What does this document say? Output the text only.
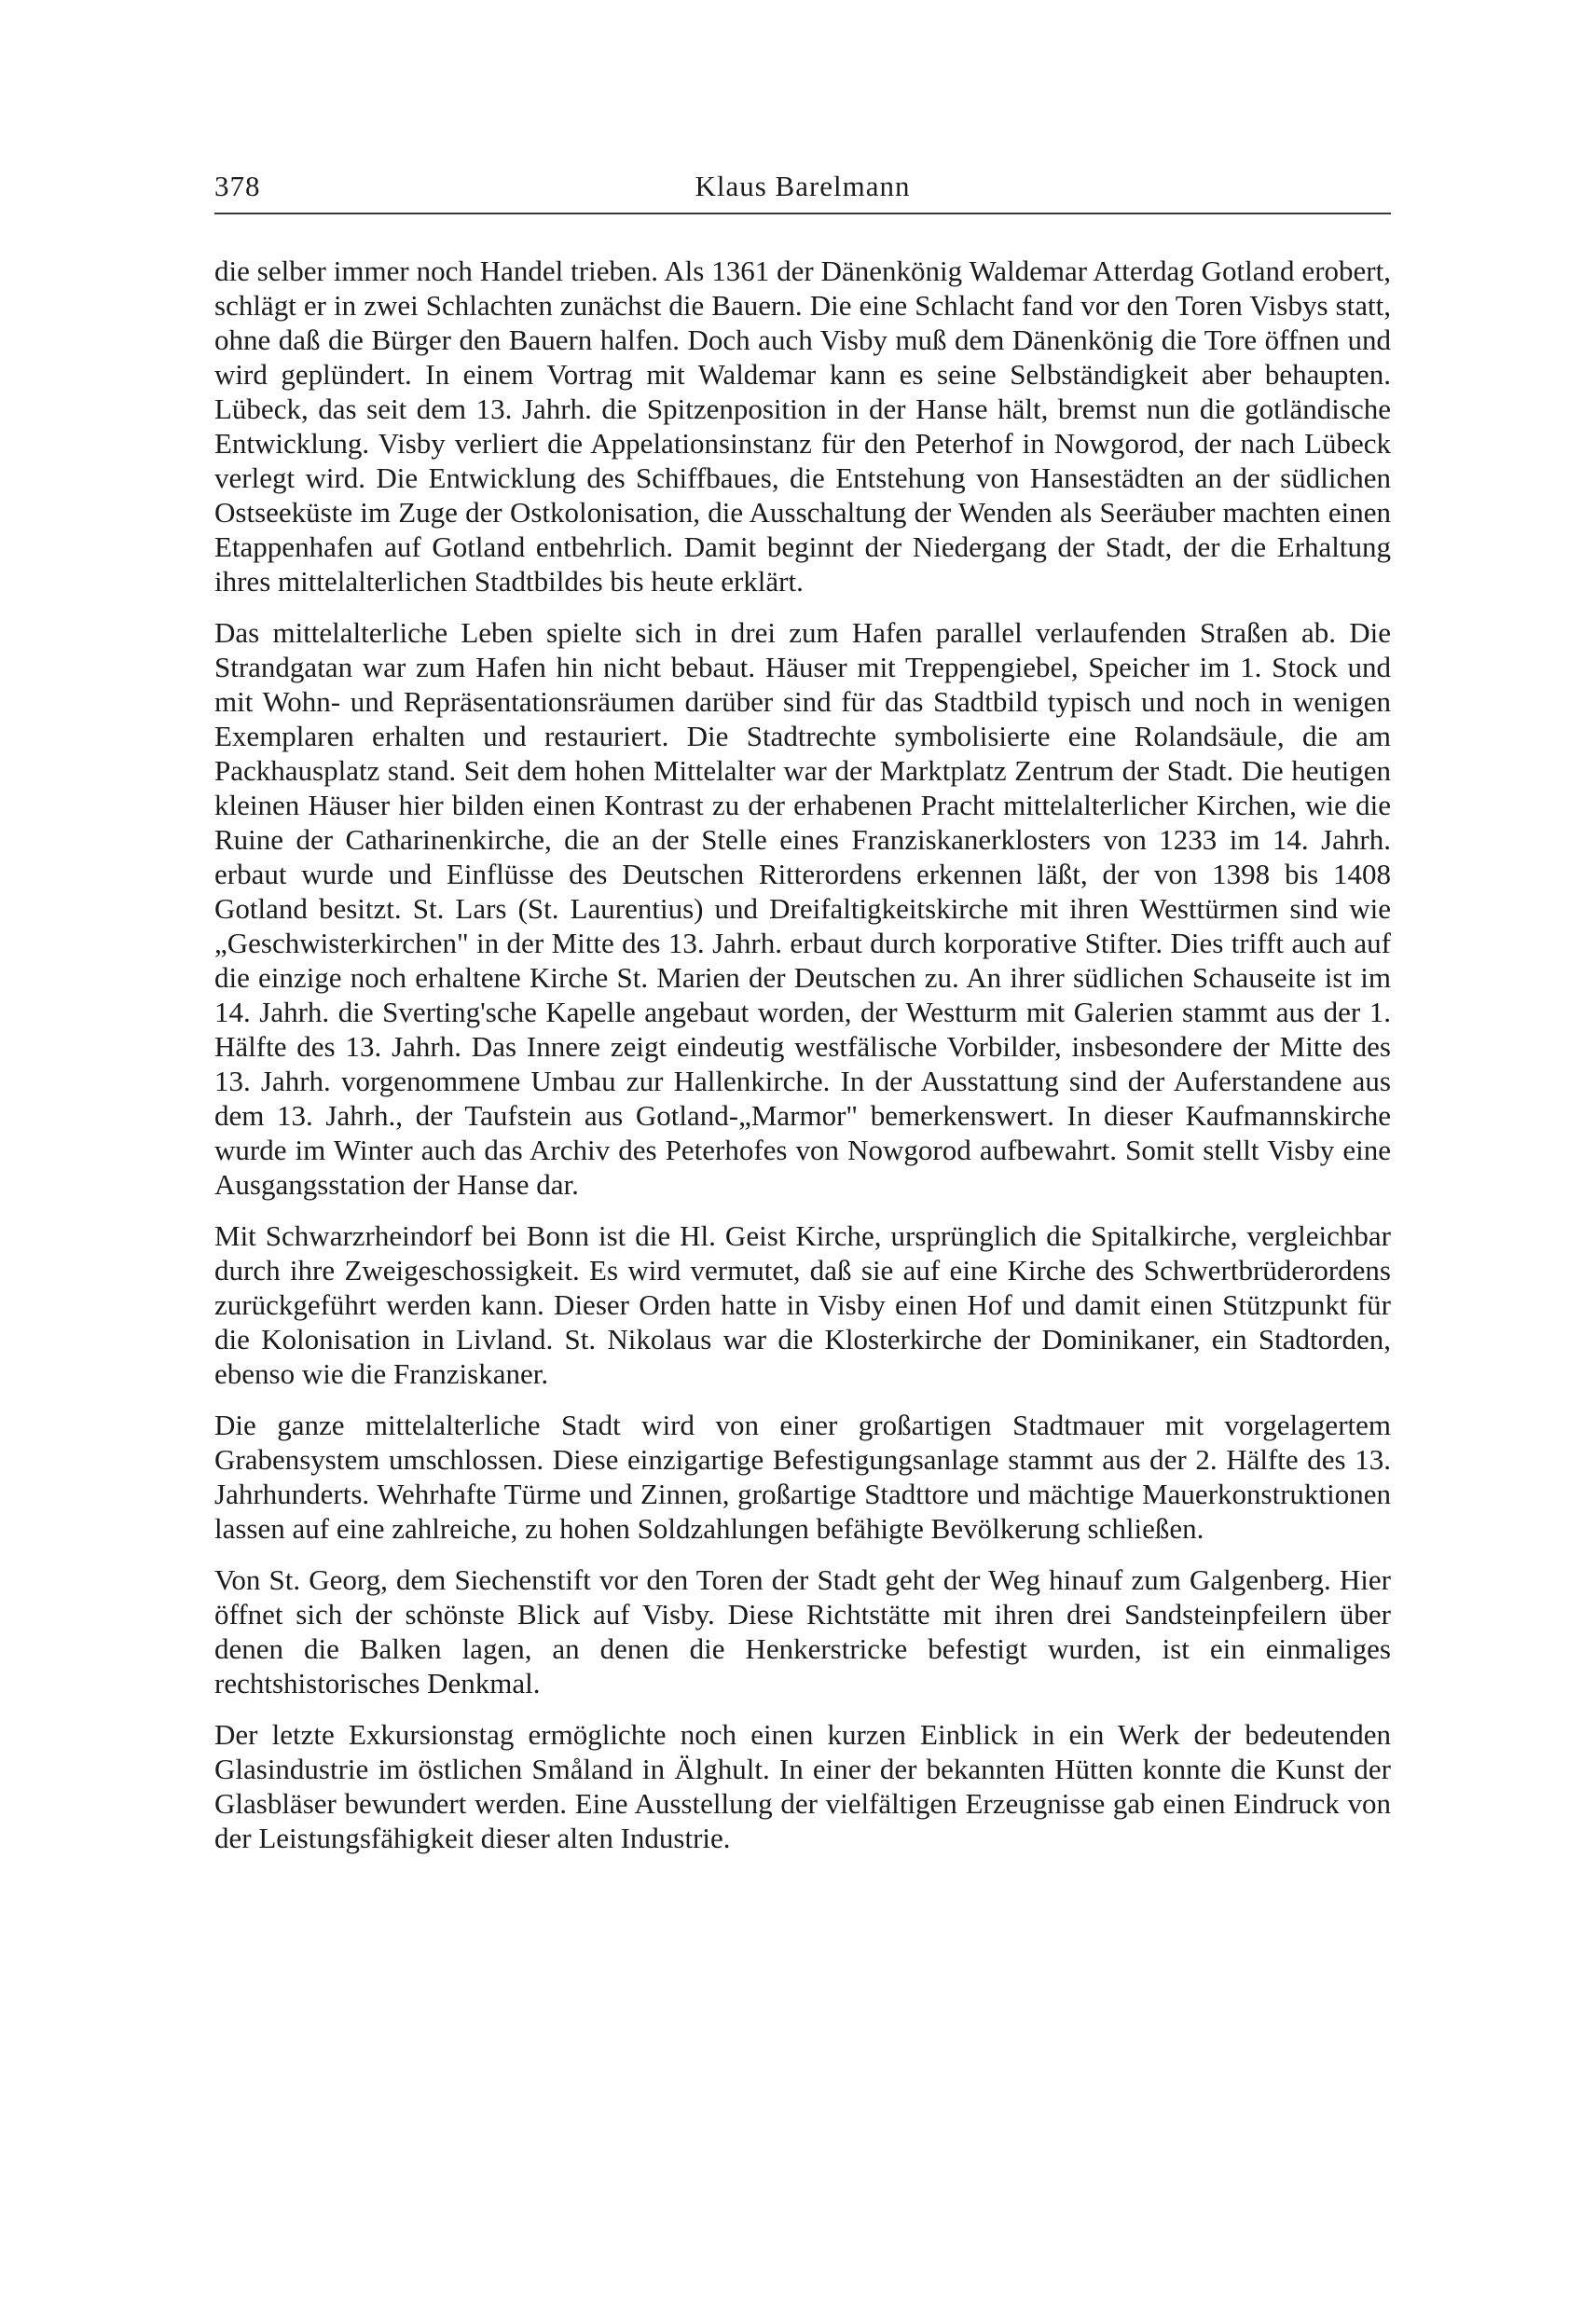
378	Klaus Barelmann

die selber immer noch Handel trieben. Als 1361 der Dänenkönig Waldemar Atterdag Gotland erobert, schlägt er in zwei Schlachten zunächst die Bauern. Die eine Schlacht fand vor den Toren Visbys statt, ohne daß die Bürger den Bauern halfen. Doch auch Visby muß dem Dänenkönig die Tore öffnen und wird geplündert. In einem Vortrag mit Waldemar kann es seine Selbständigkeit aber behaupten. Lübeck, das seit dem 13. Jahrh. die Spitzenposition in der Hanse hält, bremst nun die gotländische Entwicklung. Visby verliert die Appelationsinstanz für den Peterhof in Nowgorod, der nach Lübeck verlegt wird. Die Entwicklung des Schiffbaues, die Entstehung von Hansestädten an der südlichen Ostseeküste im Zuge der Ostkolonisation, die Ausschaltung der Wenden als Seeräuber machten einen Etappenhafen auf Gotland entbehrlich. Damit beginnt der Niedergang der Stadt, der die Erhaltung ihres mittelalterlichen Stadtbildes bis heute erklärt.

Das mittelalterliche Leben spielte sich in drei zum Hafen parallel verlaufenden Straßen ab. Die Strandgatan war zum Hafen hin nicht bebaut. Häuser mit Treppengiebel, Speicher im 1. Stock und mit Wohn- und Repräsentationsräumen darüber sind für das Stadtbild typisch und noch in wenigen Exemplaren erhalten und restauriert. Die Stadtrechte symbolisierte eine Rolandsäule, die am Packhausplatz stand. Seit dem hohen Mittelalter war der Marktplatz Zentrum der Stadt. Die heutigen kleinen Häuser hier bilden einen Kontrast zu der erhabenen Pracht mittelalterlicher Kirchen, wie die Ruine der Catharinenkirche, die an der Stelle eines Franziskanerklosters von 1233 im 14. Jahrh. erbaut wurde und Einflüsse des Deutschen Ritterordens erkennen läßt, der von 1398 bis 1408 Gotland besitzt. St. Lars (St. Laurentius) und Dreifaltigkeitskirche mit ihren Westtürmen sind wie „Geschwisterkirchen" in der Mitte des 13. Jahrh. erbaut durch korporative Stifter. Dies trifft auch auf die einzige noch erhaltene Kirche St. Marien der Deutschen zu. An ihrer südlichen Schauseite ist im 14. Jahrh. die Sverting'sche Kapelle angebaut worden, der Westturm mit Galerien stammt aus der 1. Hälfte des 13. Jahrh. Das Innere zeigt eindeutig westfälische Vorbilder, insbesondere der Mitte des 13. Jahrh. vorgenommene Umbau zur Hallenkirche. In der Ausstattung sind der Auferstandene aus dem 13. Jahrh., der Taufstein aus Gotland-„Marmor" bemerkenswert. In dieser Kaufmannskirche wurde im Winter auch das Archiv des Peterhofes von Nowgorod aufbewahrt. Somit stellt Visby eine Ausgangsstation der Hanse dar.

Mit Schwarzrheindorf bei Bonn ist die Hl. Geist Kirche, ursprünglich die Spitalkirche, vergleichbar durch ihre Zweigeschossigkeit. Es wird vermutet, daß sie auf eine Kirche des Schwertbrüderordens zurückgeführt werden kann. Dieser Orden hatte in Visby einen Hof und damit einen Stützpunkt für die Kolonisation in Livland. St. Nikolaus war die Klosterkirche der Dominikaner, ein Stadtorden, ebenso wie die Franziskaner.

Die ganze mittelalterliche Stadt wird von einer großartigen Stadtmauer mit vorgelagertem Grabensystem umschlossen. Diese einzigartige Befestigungsanlage stammt aus der 2. Hälfte des 13. Jahrhunderts. Wehrhafte Türme und Zinnen, großartige Stadttore und mächtige Mauerkonstruktionen lassen auf eine zahlreiche, zu hohen Soldzahlungen befähigte Bevölkerung schließen.

Von St. Georg, dem Siechenstift vor den Toren der Stadt geht der Weg hinauf zum Galgenberg. Hier öffnet sich der schönste Blick auf Visby. Diese Richtstätte mit ihren drei Sandsteinpfeilern über denen die Balken lagen, an denen die Henkerstricke befestigt wurden, ist ein einmaliges rechtshistorisches Denkmal.

Der letzte Exkursionstag ermöglichte noch einen kurzen Einblick in ein Werk der bedeutenden Glasindustrie im östlichen Småland in Älghult. In einer der bekannten Hütten konnte die Kunst der Glasbläser bewundert werden. Eine Ausstellung der vielfältigen Erzeugnisse gab einen Eindruck von der Leistungsfähigkeit dieser alten Industrie.
